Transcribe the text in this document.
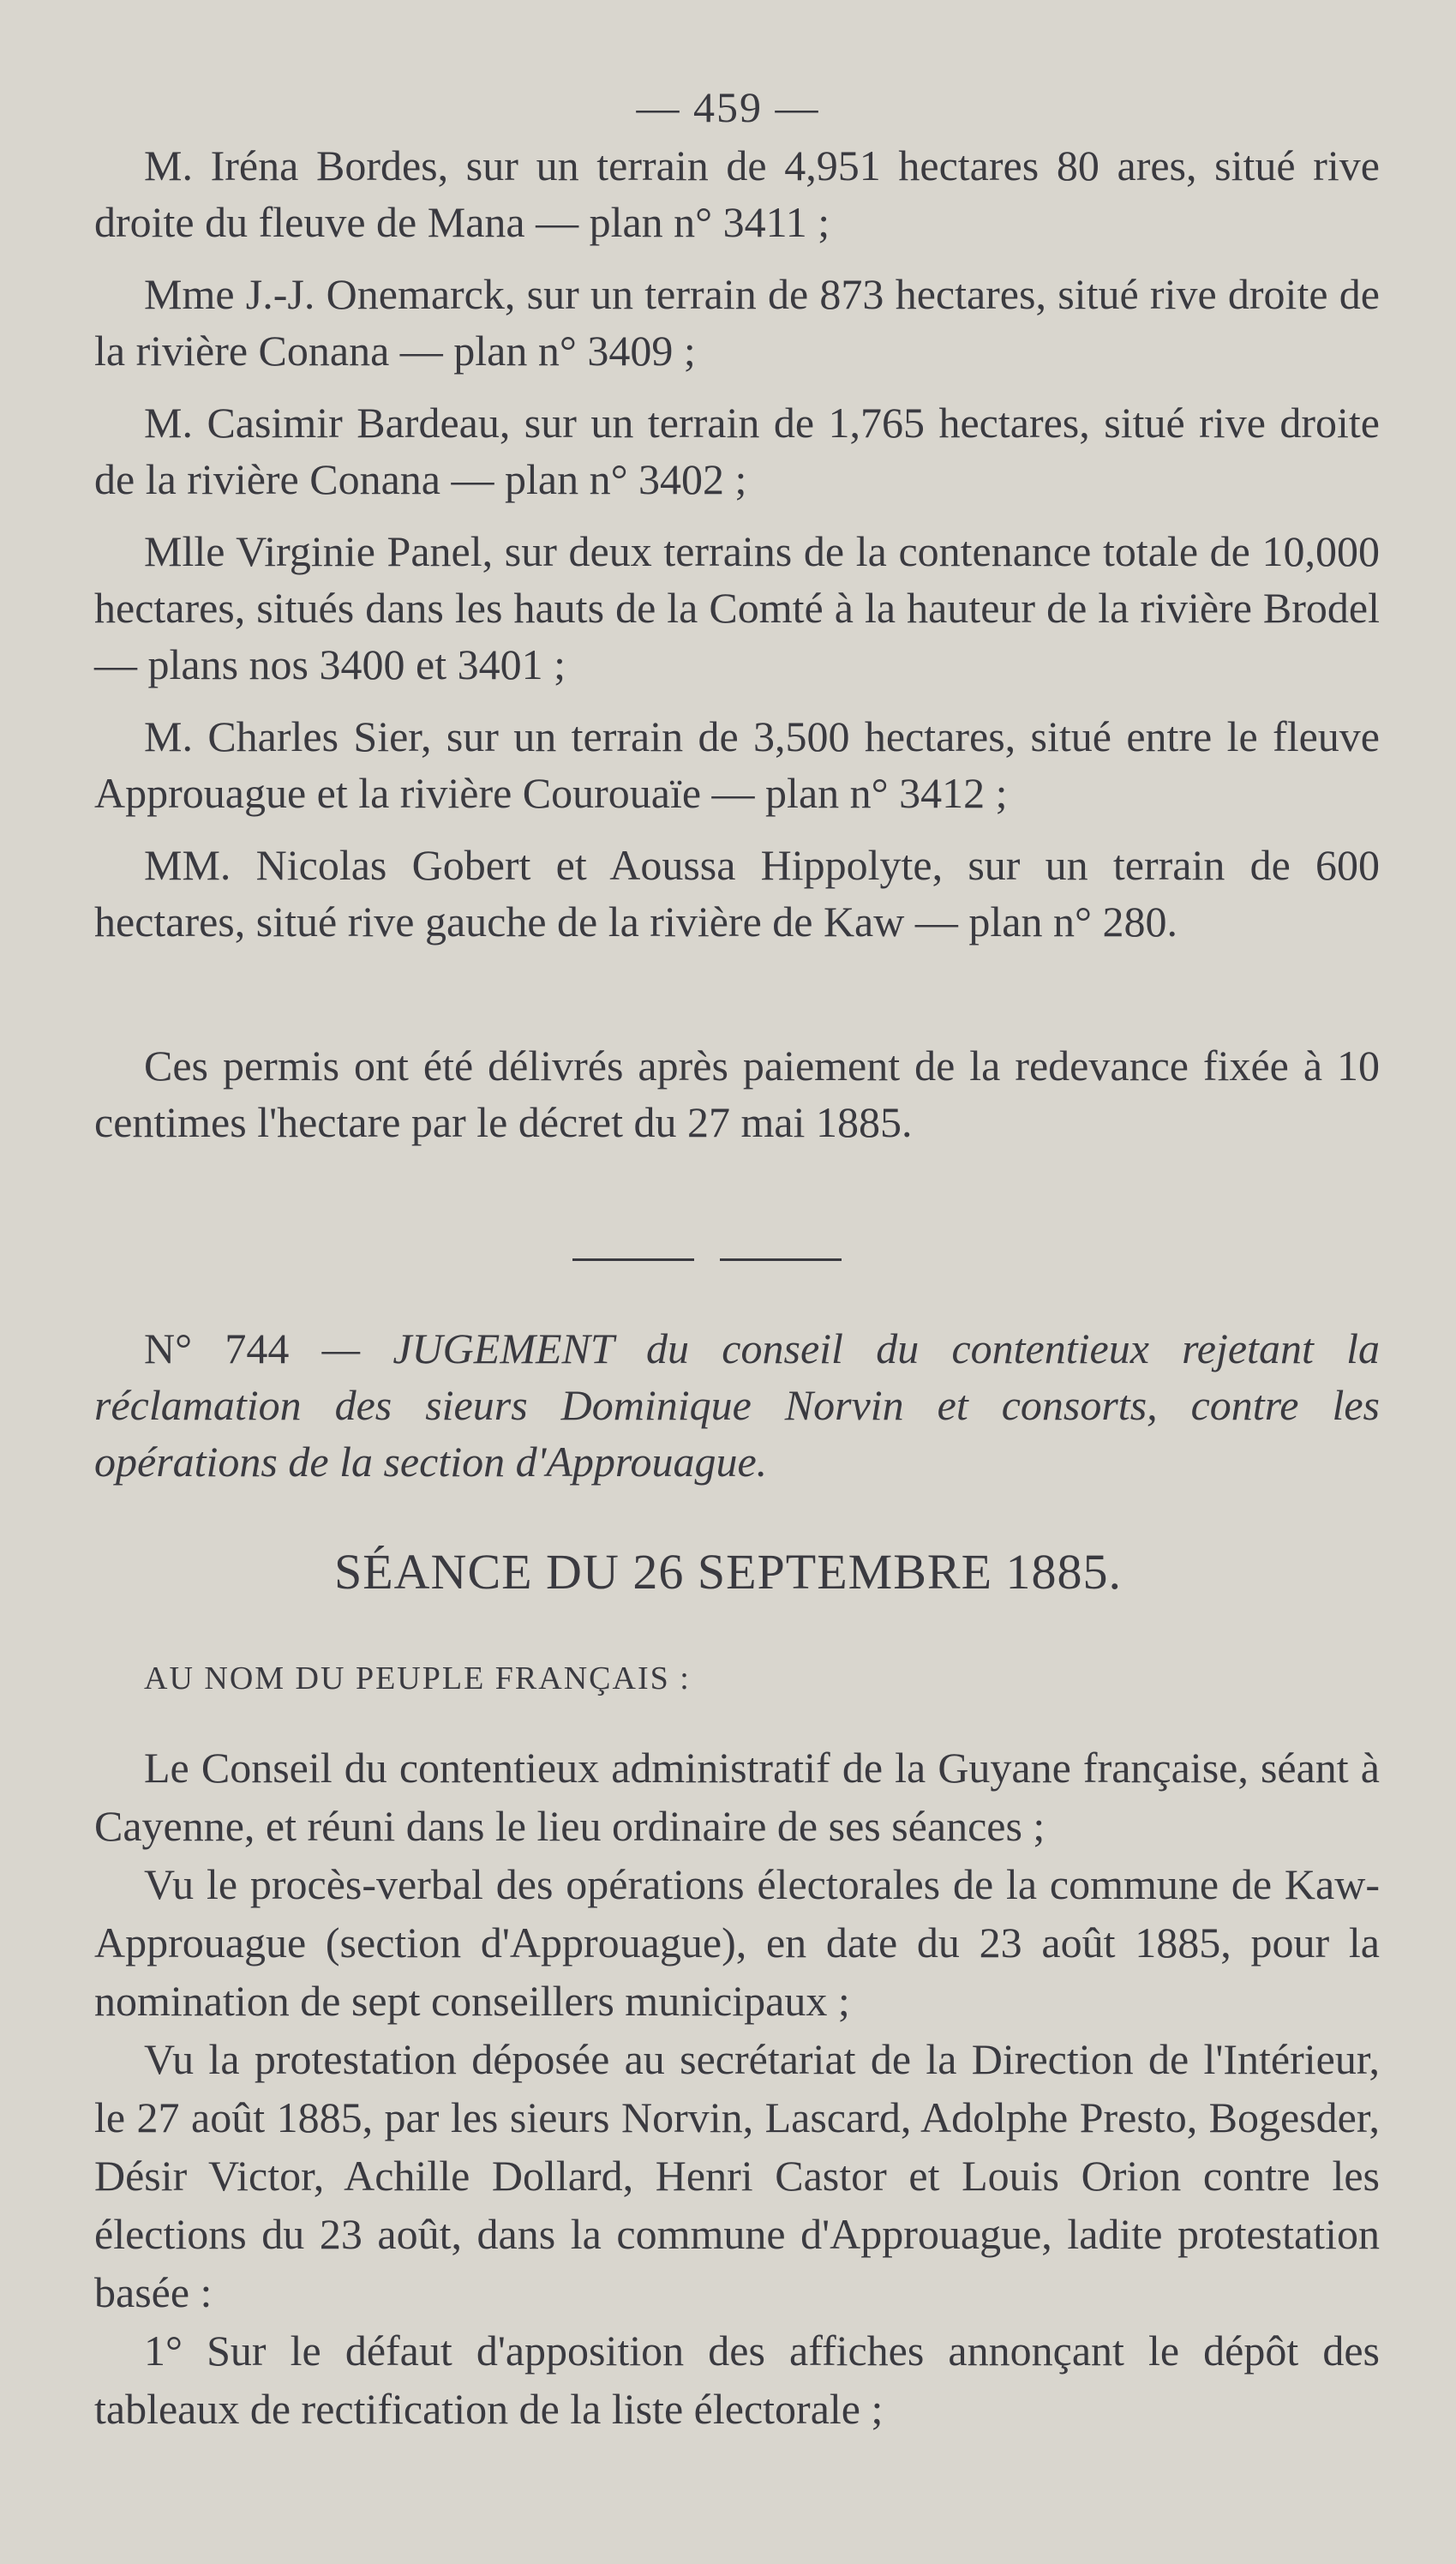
— 459 —

M. Iréna Bordes, sur un terrain de 4,951 hectares 80 ares, situé rive droite du fleuve de Mana — plan n° 3411 ;

Mme J.-J. Onemarck, sur un terrain de 873 hectares, situé rive droite de la rivière Conana — plan n° 3409 ;

M. Casimir Bardeau, sur un terrain de 1,765 hectares, situé rive droite de la rivière Conana — plan n° 3402 ;

Mlle Virginie Panel, sur deux terrains de la contenance totale de 10,000 hectares, situés dans les hauts de la Comté à la hauteur de la rivière Brodel — plans nos 3400 et 3401 ;

M. Charles Sier, sur un terrain de 3,500 hectares, situé entre le fleuve Approuague et la rivière Courouaïe — plan n° 3412 ;

MM. Nicolas Gobert et Aoussa Hippolyte, sur un terrain de 600 hectares, situé rive gauche de la rivière de Kaw — plan n° 280.

Ces permis ont été délivrés après paiement de la redevance fixée à 10 centimes l'hectare par le décret du 27 mai 1885.

N° 744 — JUGEMENT du conseil du contentieux rejetant la réclamation des sieurs Dominique Norvin et consorts, contre les opérations de la section d'Approuague.

SÉANCE DU 26 SEPTEMBRE 1885.
AU NOM DU PEUPLE FRANÇAIS :

Le Conseil du contentieux administratif de la Guyane française, séant à Cayenne, et réuni dans le lieu ordinaire de ses séances ;

Vu le procès-verbal des opérations électorales de la commune de Kaw-Approuague (section d'Approuague), en date du 23 août 1885, pour la nomination de sept conseillers municipaux ;

Vu la protestation déposée au secrétariat de la Direction de l'Intérieur, le 27 août 1885, par les sieurs Norvin, Lascard, Adolphe Presto, Bogesder, Désir Victor, Achille Dollard, Henri Castor et Louis Orion contre les élections du 23 août, dans la commune d'Approuague, ladite protestation basée :

1° Sur le défaut d'apposition des affiches annonçant le dépôt des tableaux de rectification de la liste électorale ;
